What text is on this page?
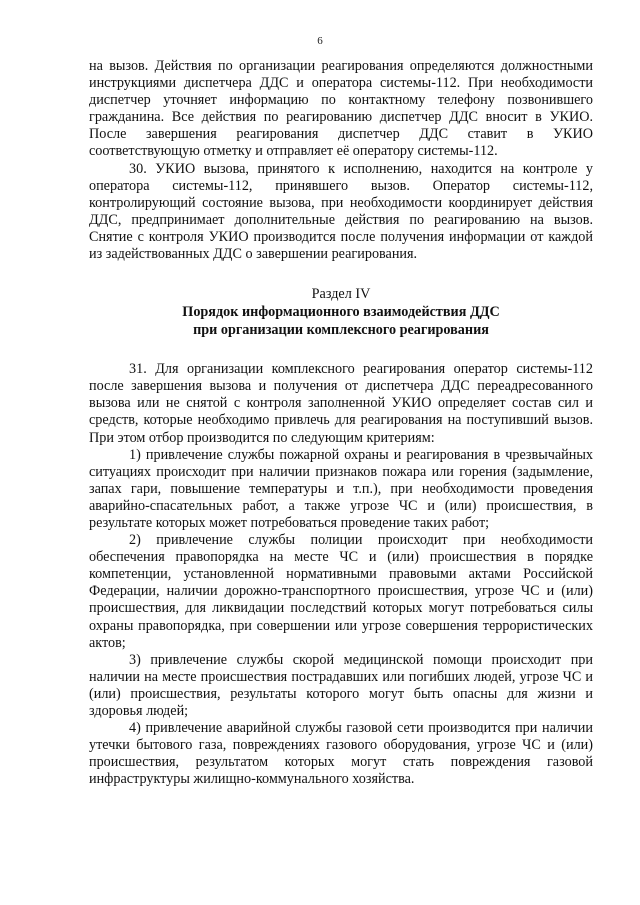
6

на вызов. Действия по организации реагирования определяются должностными инструкциями диспетчера ДДС и оператора системы-112. При необходимости диспетчер уточняет информацию по контактному телефону позвонившего гражданина. Все действия по реагированию диспетчер ДДС вносит в УКИО. После завершения реагирования диспетчер ДДС ставит в УКИО соответствующую отметку и отправляет её оператору системы-112.

30. УКИО вызова, принятого к исполнению, находится на контроле у оператора системы-112, принявшего вызов. Оператор системы-112, контролирующий состояние вызова, при необходимости координирует действия ДДС, предпринимает дополнительные действия по реагированию на вызов. Снятие с контроля УКИО производится после получения информации от каждой из задействованных ДДС о завершении реагирования.

Раздел IV
Порядок информационного взаимодействия ДДС
при организации комплексного реагирования

31. Для организации комплексного реагирования оператор системы-112 после завершения вызова и получения от диспетчера ДДС переадресованного вызова или не снятой с контроля заполненной УКИО определяет состав сил и средств, которые необходимо привлечь для реагирования на поступивший вызов. При этом отбор производится по следующим критериям:

1) привлечение службы пожарной охраны и реагирования в чрезвычайных ситуациях происходит при наличии признаков пожара или горения (задымление, запах гари, повышение температуры и т.п.), при необходимости проведения аварийно-спасательных работ, а также угрозе ЧС и (или) происшествия, в результате которых может потребоваться проведение таких работ;

2) привлечение службы полиции происходит при необходимости обеспечения правопорядка на месте ЧС и (или) происшествия в порядке компетенции, установленной нормативными правовыми актами Российской Федерации, наличии дорожно-транспортного происшествия, угрозе ЧС и (или) происшествия, для ликвидации последствий которых могут потребоваться силы охраны правопорядка, при совершении или угрозе совершения террористических актов;

3) привлечение службы скорой медицинской помощи происходит при наличии на месте происшествия пострадавших или погибших людей, угрозе ЧС и (или) происшествия, результаты которого могут быть опасны для жизни и здоровья людей;

4) привлечение аварийной службы газовой сети производится при наличии утечки бытового газа, повреждениях газового оборудования, угрозе ЧС и (или) происшествия, результатом которых могут стать повреждения газовой инфраструктуры жилищно-коммунального хозяйства.
